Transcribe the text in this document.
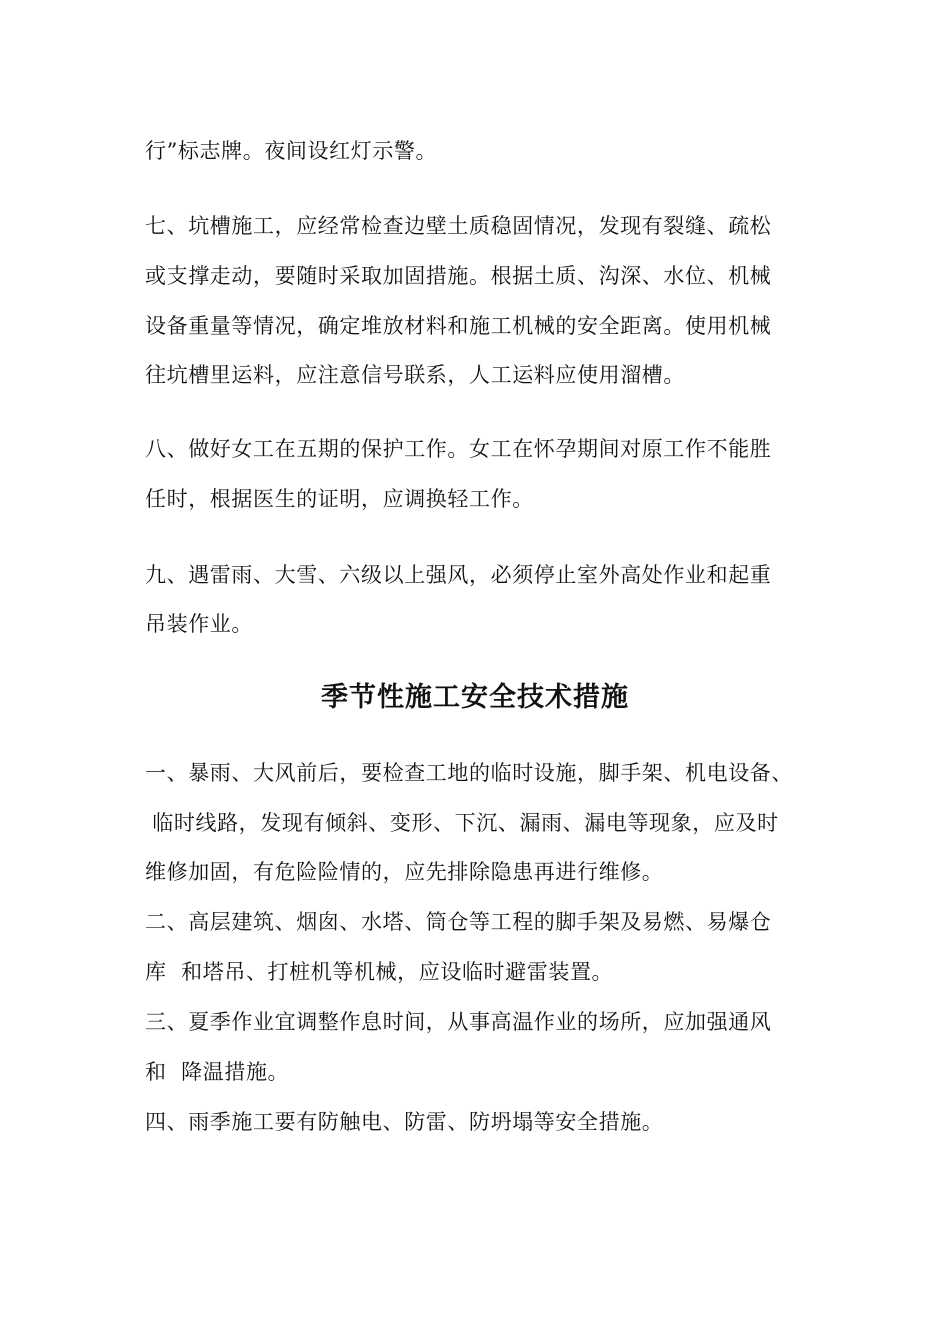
行”标志牌。夜间设红灯示警。
七、坑槽施工，应经常检查边壁土质稳固情况，发现有裂缝、疏松
或支撑走动，要随时采取加固措施。根据土质、沟深、水位、机械
设备重量等情况，确定堆放材料和施工机械的安全距离。使用机械
往坑槽里运料，应注意信号联系，人工运料应使用溜槽。
八、做好女工在五期的保护工作。女工在怀孕期间对原工作不能胜
任时，根据医生的证明，应调换轻工作。
九、遇雷雨、大雪、六级以上强风，必须停止室外高处作业和起重
吊装作业。
季节性施工安全技术措施
一、暴雨、大风前后，要检查工地的临时设施，脚手架、机电设备、
临时线路，发现有倾斜、变形、下沉、漏雨、漏电等现象，应及时
维修加固，有危险险情的，应先排除隐患再进行维修。
二、高层建筑、烟囱、水塔、筒仓等工程的脚手架及易燃、易爆仓
库  和塔吊、打桩机等机械，应设临时避雷装置。
三、夏季作业宜调整作息时间，从事高温作业的场所，应加强通风
和  降温措施。
四、雨季施工要有防触电、防雷、防坍塌等安全措施。
